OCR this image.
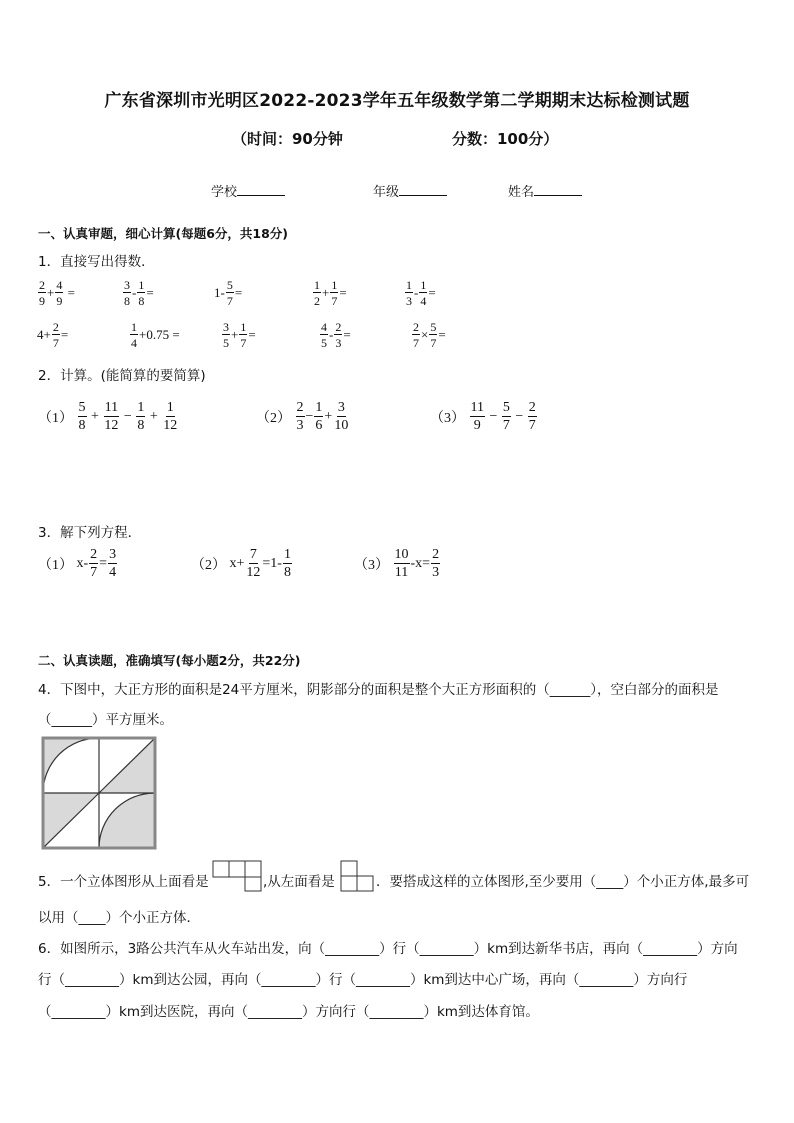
广东省深圳市光明区2022-2023学年五年级数学第二学期期末达标检测试题
（时间：90分钟	分数：100分）
学校	年级	姓名
一、认真审题，细心计算(每题6分，共18分)
1．直接写出得数．
2
9
+ 4
9
=	3
8
- 1
8
=	1- 5
7
=	1
2
+ 1
7
=	1
3
- 1
4
=
4+ 2
7
=	1
4
+0.75 =	3
5
+ 1
7
=	4
5
- 2
3
=	2
7
× 5
7
=
2．计算。(能简算的要简算)
（1）

5
8
+
11
12
−
1
8
+
1
12	（2）

2
3
−
1
6
+
3
10	（3）

11
9
−
5
7
−
2
7
3．解下列方程．
（1） x-
2
7
=
3
4	（2） x+
7
12
=1-
1
8	（3）

10
11
-x=
2
3
二、认真读题，准确填写(每小题2分，共22分)
4．下图中，大正方形的面积是24平方厘米，阴影部分的面积是整个大正方形面积的（______），空白部分的面积是
（______）平方厘米。
5．一个立体图形从上面看是	,从左面看是	．要搭成这样的立体图形,至少要用（____）个小正方体,最多可
以用（____）个小正方体．
6．如图所示，3路公共汽车从火车站出发，向（________）行（________）km到达新华书店，再向（________）方向
行（________）km到达公园，再向（________）行（________）km到达中心广场，再向（________）方向行
（________）km到达医院，再向（________）方向行（________）km到达体育馆。
